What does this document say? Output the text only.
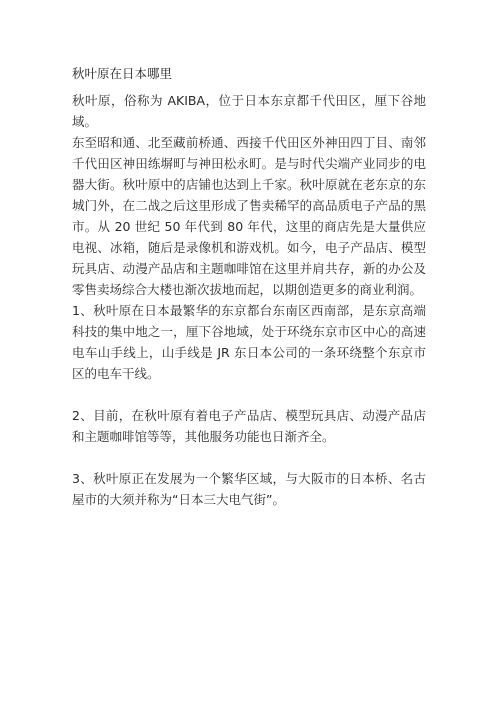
秋叶原在日本哪里

秋叶原，俗称为 AKIBA，位于日本东京都千代田区，厘下谷地域。

东至昭和通、北至藏前桥通、西接千代田区外神田四丁目、南邻千代田区神田练塀町与神田松永町。是与时代尖端产业同步的电器大街。秋叶原中的店铺也达到上千家。秋叶原就在老东京的东城门外，在二战之后这里形成了售卖稀罕的高品质电子产品的黑市。从 20 世纪 50 年代到 80 年代，这里的商店先是大量供应电视、冰箱，随后是录像机和游戏机。如今，电子产品店、模型玩具店、动漫产品店和主题咖啡馆在这里并肩共存，新的办公及零售卖场综合大楼也渐次拔地而起，以期创造更多的商业利润。

1、秋叶原在日本最繁华的东京都台东南区西南部，是东京高端科技的集中地之一，厘下谷地域，处于环绕东京市区中心的高速电车山手线上，山手线是 JR 东日本公司的一条环绕整个东京市区的电车干线。

2、目前，在秋叶原有着电子产品店、模型玩具店、动漫产品店和主题咖啡馆等等，其他服务功能也日渐齐全。

3、秋叶原正在发展为一个繁华区域，与大阪市的日本桥、名古屋市的大须并称为“日本三大电气街”。
